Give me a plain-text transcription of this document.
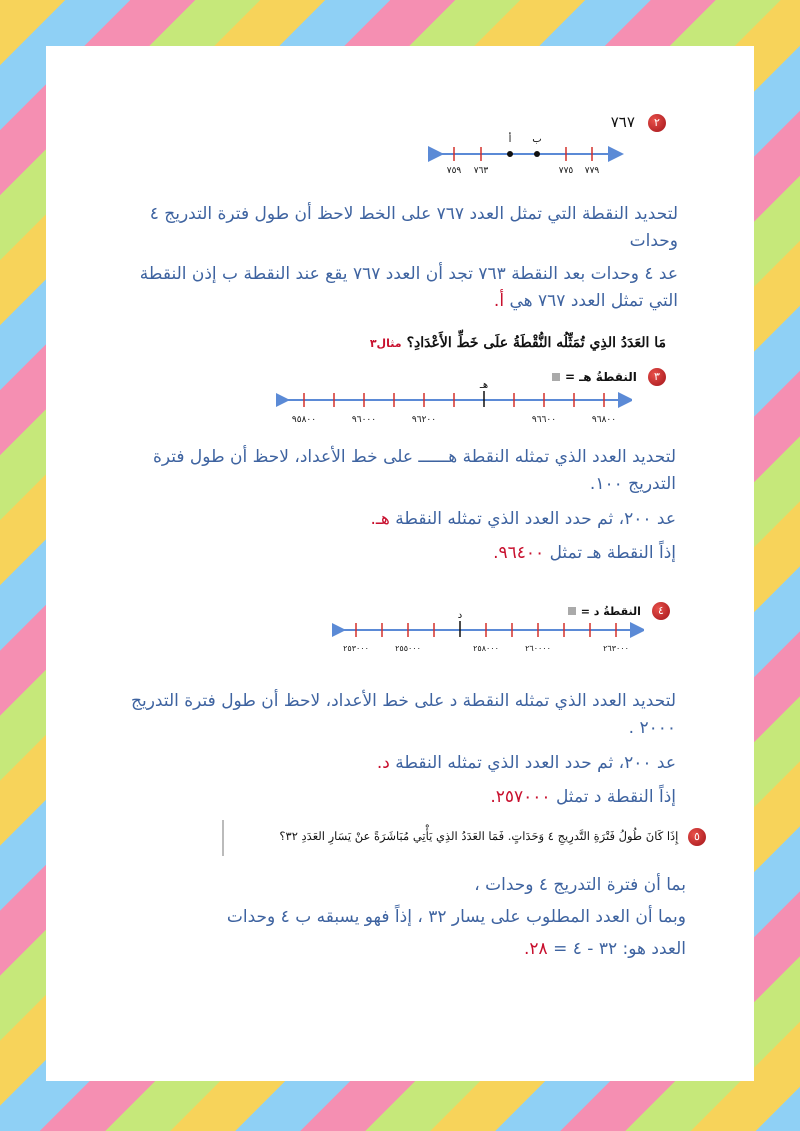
٢ ٧٦٧
أ ب
٧٥٩ ٧٦٣	٧٧٥ ٧٧٩
لتحديد النقطة التي تمثل العدد ٧٦٧ على الخط لاحظ أن طول فترة التدريج ٤ وحدات
عد ٤ وحدات بعد النقطة ٧٦٣ تجد أن العدد ٧٦٧ يقع عند النقطة ب إذن النقطة التي تمثل العدد ٧٦٧ هي أ.
مَا العَدَدُ الذِي تُمَثِّلُه النُّقْطَةُ علَى خَطِّ الأَعْدَادِ؟ مثال٣
٣ النقطةُ هـ =
هـ
٩٥٨٠٠	٩٦٠٠٠	٩٦٢٠٠	٩٦٦٠٠	٩٦٨٠٠
لتحديد العدد الذي تمثله النقطة هــــــ على خط الأعداد، لاحظ أن طول فترة التدريج ١٠٠.
عد ٢٠٠، ثم حدد العدد الذي تمثله النقطة هـ.
إذاً النقطة هـ تمثل ٩٦٤٠٠.
٤ النقطةُ د =
د
٢٥٣٠٠٠	٢٥٥٠٠٠	٢٥٨٠٠٠	٢٦٠٠٠٠	٢٦٣٠٠٠
لتحديد العدد الذي تمثله النقطة د على خط الأعداد، لاحظ أن طول فترة التدريج ٢٠٠٠ .
عد ٢٠٠، ثم حدد العدد الذي تمثله النقطة د.
إذاً النقطة د تمثل ٢٥٧٠٠٠.
٥ إِذَا كَانَ طُولُ فَتْرَةِ التَّدرِيجِ ٤ وَحَدَاتٍ. فَمَا العَدَدُ الذِي يَأْتِي مُبَاشَرَةً عنْ يَسَارِ العَدَدِ ٣٢؟
بما أن فترة التدريج ٤ وحدات ،
وبما أن العدد المطلوب على يسار ٣٢ ، إذاً فهو يسبقه ب ٤ وحدات
العدد هو: ٣٢ - ٤ = ٢٨.
